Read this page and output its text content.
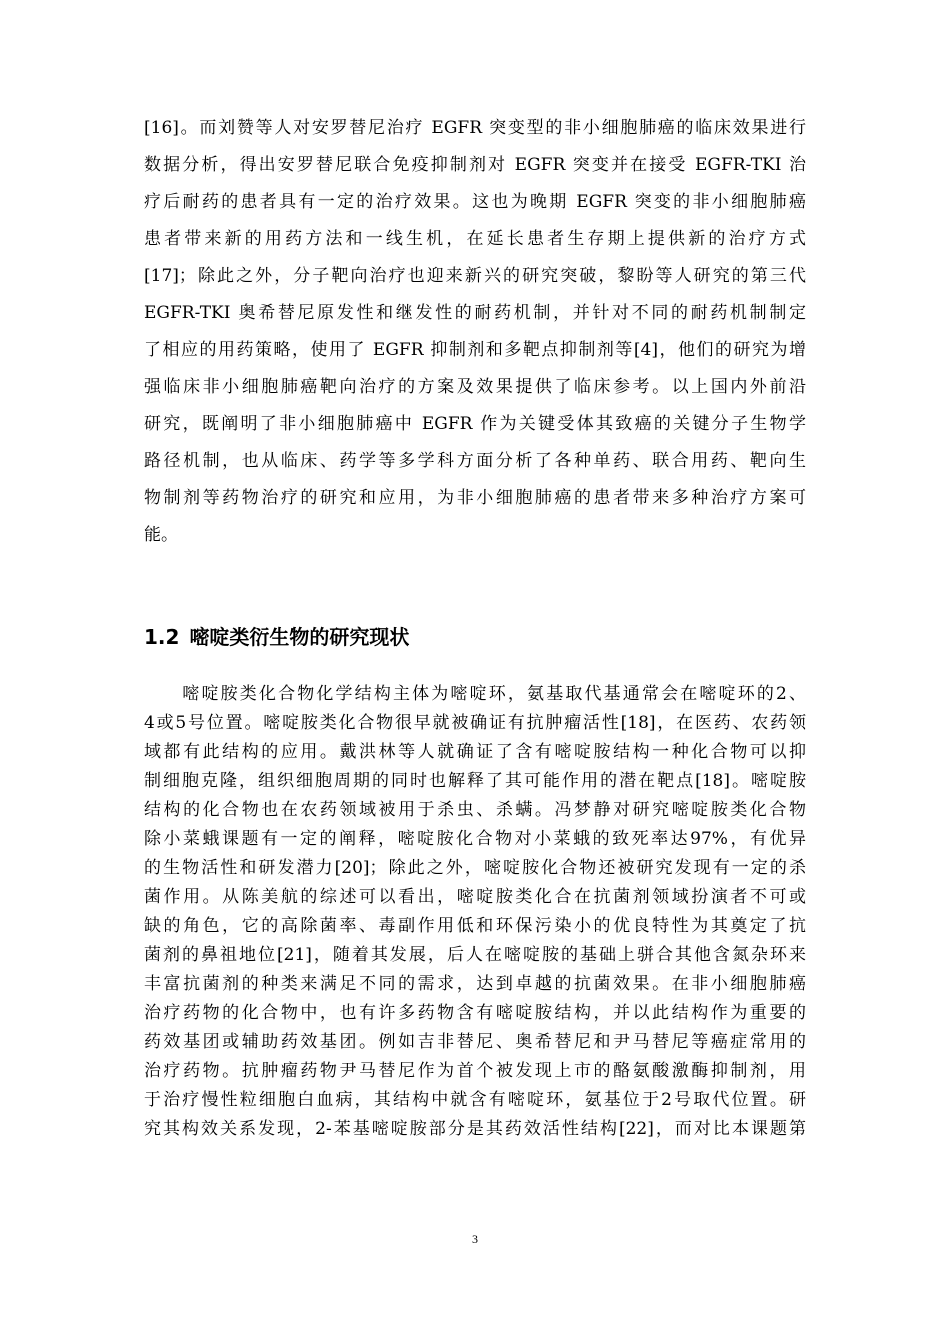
[16]。而刘赞等人对安罗替尼治疗 EGFR 突变型的非小细胞肺癌的临床效果进行
数据分析，得出安罗替尼联合免疫抑制剂对 EGFR 突变并在接受 EGFR-TKI 治
疗后耐药的患者具有一定的治疗效果。这也为晚期 EGFR 突变的非小细胞肺癌
患者带来新的用药方法和一线生机，在延长患者生存期上提供新的治疗方式
[17]；除此之外，分子靶向治疗也迎来新兴的研究突破，黎盼等人研究的第三代
EGFR-TKI 奥希替尼原发性和继发性的耐药机制，并针对不同的耐药机制制定
了相应的用药策略，使用了 EGFR 抑制剂和多靶点抑制剂等[4]，他们的研究为增
强临床非小细胞肺癌靶向治疗的方案及效果提供了临床参考。以上国内外前沿
研究，既阐明了非小细胞肺癌中 EGFR 作为关键受体其致癌的关键分子生物学
路径机制，也从临床、药学等多学科方面分析了各种单药、联合用药、靶向生
物制剂等药物治疗的研究和应用，为非小细胞肺癌的患者带来多种治疗方案可
能。
1.2 嘧啶类衍生物的研究现状
　　嘧啶胺类化合物化学结构主体为嘧啶环，氨基取代基通常会在嘧啶环的2、
4或5号位置。嘧啶胺类化合物很早就被确证有抗肿瘤活性[18]，在医药、农药领
域都有此结构的应用。戴洪林等人就确证了含有嘧啶胺结构一种化合物可以抑
制细胞克隆，组织细胞周期的同时也解释了其可能作用的潜在靶点[18]。嘧啶胺
结构的化合物也在农药领域被用于杀虫、杀螨。冯梦静对研究嘧啶胺类化合物
除小菜蛾课题有一定的阐释，嘧啶胺化合物对小菜蛾的致死率达97%，有优异
的生物活性和研发潜力[20]；除此之外，嘧啶胺化合物还被研究发现有一定的杀
菌作用。从陈美航的综述可以看出，嘧啶胺类化合在抗菌剂领域扮演者不可或
缺的角色，它的高除菌率、毒副作用低和环保污染小的优良特性为其奠定了抗
菌剂的鼻祖地位[21]，随着其发展，后人在嘧啶胺的基础上骈合其他含氮杂环来
丰富抗菌剂的种类来满足不同的需求，达到卓越的抗菌效果。在非小细胞肺癌
治疗药物的化合物中，也有许多药物含有嘧啶胺结构，并以此结构作为重要的
药效基团或辅助药效基团。例如吉非替尼、奥希替尼和尹马替尼等癌症常用的
治疗药物。抗肿瘤药物尹马替尼作为首个被发现上市的酪氨酸激酶抑制剂，用
于治疗慢性粒细胞白血病，其结构中就含有嘧啶环，氨基位于2号取代位置。研
究其构效关系发现，2-苯基嘧啶胺部分是其药效活性结构[22]，而对比本课题第
3
